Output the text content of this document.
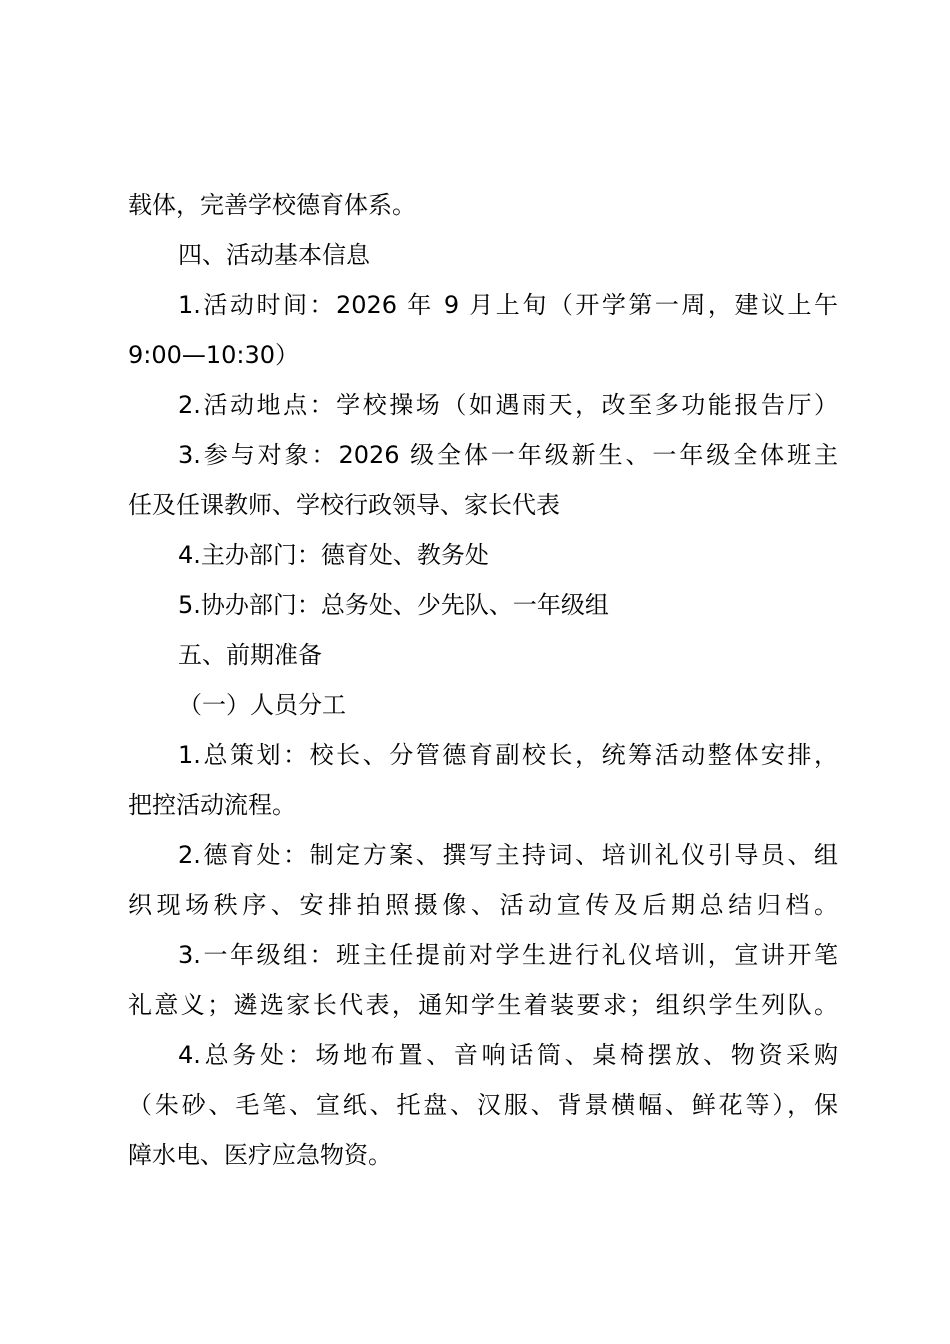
载体，完善学校德育体系。
四、活动基本信息
1.活动时间：2026 年 9 月上旬（开学第一周，建议上午
9:00—10:30）
2.活动地点：学校操场（如遇雨天，改至多功能报告厅）
3.参与对象：2026 级全体一年级新生、一年级全体班主
任及任课教师、学校行政领导、家长代表
4.主办部门：德育处、教务处
5.协办部门：总务处、少先队、一年级组
五、前期准备
（一）人员分工
1.总策划：校长、分管德育副校长，统筹活动整体安排，
把控活动流程。
2.德育处：制定方案、撰写主持词、培训礼仪引导员、组
织现场秩序、安排拍照摄像、活动宣传及后期总结归档。
3.一年级组：班主任提前对学生进行礼仪培训，宣讲开笔
礼意义；遴选家长代表，通知学生着装要求；组织学生列队。
4.总务处：场地布置、音响话筒、桌椅摆放、物资采购
（朱砂、毛笔、宣纸、托盘、汉服、背景横幅、鲜花等），保
障水电、医疗应急物资。
